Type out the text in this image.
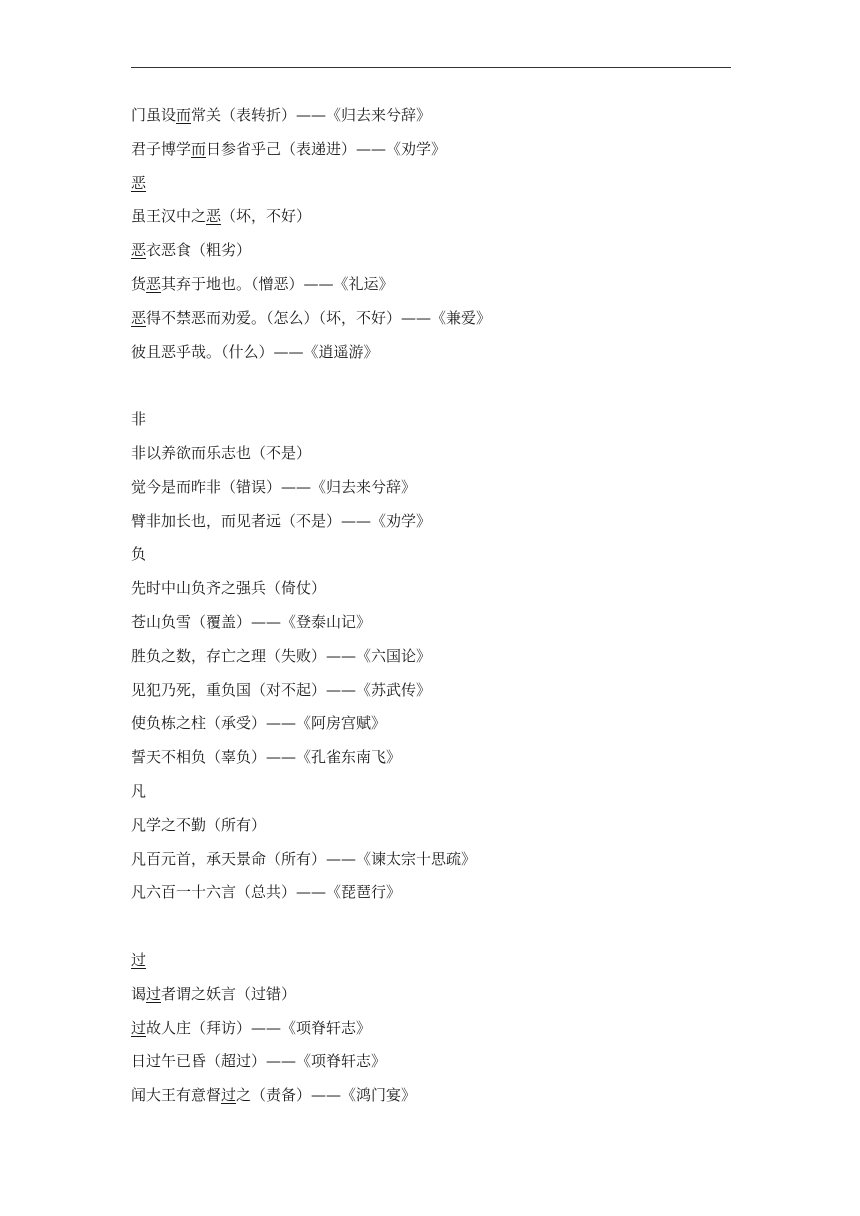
门虽设而常关（表转折）——《归去来兮辞》
君子博学而日参省乎己（表递进）——《劝学》
恶
虽王汉中之恶（坏，不好）
恶衣恶食（粗劣）
货恶其弃于地也。（憎恶）——《礼运》
恶得不禁恶而劝爱。（怎么）（坏，不好）——《兼爱》
彼且恶乎哉。（什么）——《逍遥游》
非
非以养欲而乐志也（不是）
觉今是而昨非（错误）——《归去来兮辞》
臂非加长也，而见者远（不是）——《劝学》
负
先时中山负齐之强兵（倚仗）
苍山负雪（覆盖）——《登泰山记》
胜负之数，存亡之理（失败）——《六国论》
见犯乃死，重负国（对不起）——《苏武传》
使负栋之柱（承受）——《阿房宫赋》
誓天不相负（辜负）——《孔雀东南飞》
凡
凡学之不勤（所有）
凡百元首，承天景命（所有）——《谏太宗十思疏》
凡六百一十六言（总共）——《琵琶行》
过
谒过者谓之妖言（过错）
过故人庄（拜访）——《项脊轩志》
日过午已昏（超过）——《项脊轩志》
闻大王有意督过之（责备）——《鸿门宴》
